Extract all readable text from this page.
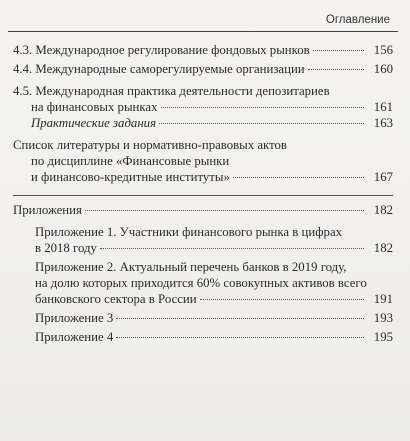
Оглавление
4.3. Международное регулирование фондовых рынков	156
4.4. Международные саморегулируемые организации	160
4.5. Международная практика деятельности депозитариев
на финансовых рынках	161
Практические задания	163
Список литературы и нормативно-правовых актов
по дисциплине «Финансовые рынки
и финансово-кредитные институты»	167
Приложения	182
Приложение 1. Участники финансового рынка в цифрах
в 2018 году	182
Приложение 2. Актуальный перечень банков в 2019 году,
на долю которых приходится 60% совокупных активов всего
банковского сектора в России	191
Приложение 3	193
Приложение 4	195
